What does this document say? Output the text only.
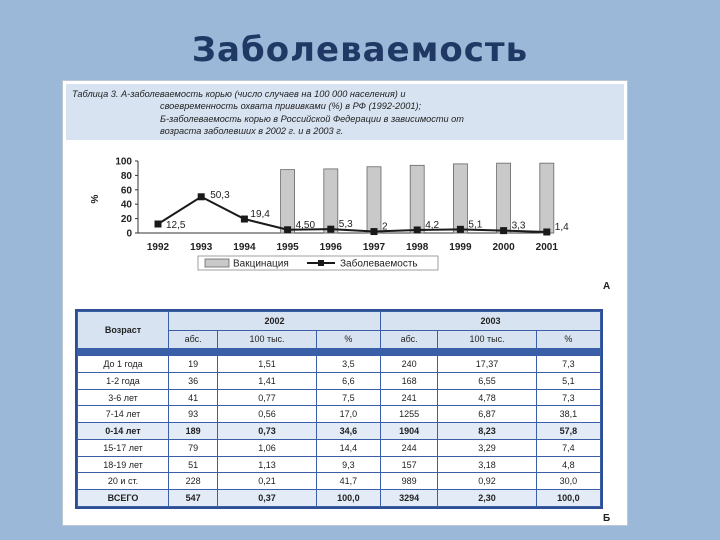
Заболеваемость
Таблица 3. А-заболеваемость корью (число случаев на 100 000 населения) и
своевременность охвата прививками (%) в РФ (1992-2001);
Б-заболеваемость корью в Российской Федерации в зависимости от
возраста заболевших в 2002 г. и в 2003 г.
0
20
40
60
80
100
%
12,5
50,3
19,4
4,50 5,3	2	4,2	5,1	3,3	1,4
1992 1993 1994 1995 1996 1997 1998 1999 2000 2001
Вакцинация	Заболеваемость
А
Возраст	2002			2003		
	абс.	100 тыс.	%	абс.	100 тыс.	%

До 1 года	19	1,51	3,5	240	17,37	7,3
1-2 года	36	1,41	6,6	168	6,55	5,1
3-6 лет	41	0,77	7,5	241	4,78	7,3
7-14 лет	93	0,56	17,0	1255	6,87	38,1
0-14 лет	189	0,73	34,6	1904	8,23	57,8
15-17 лет	79	1,06	14,4	244	3,29	7,4
18-19 лет	51	1,13	9,3	157	3,18	4,8
20 и ст.	228	0,21	41,7	989	0,92	30,0
ВСЕГО	547	0,37	100,0	3294	2,30	100,0
Б
